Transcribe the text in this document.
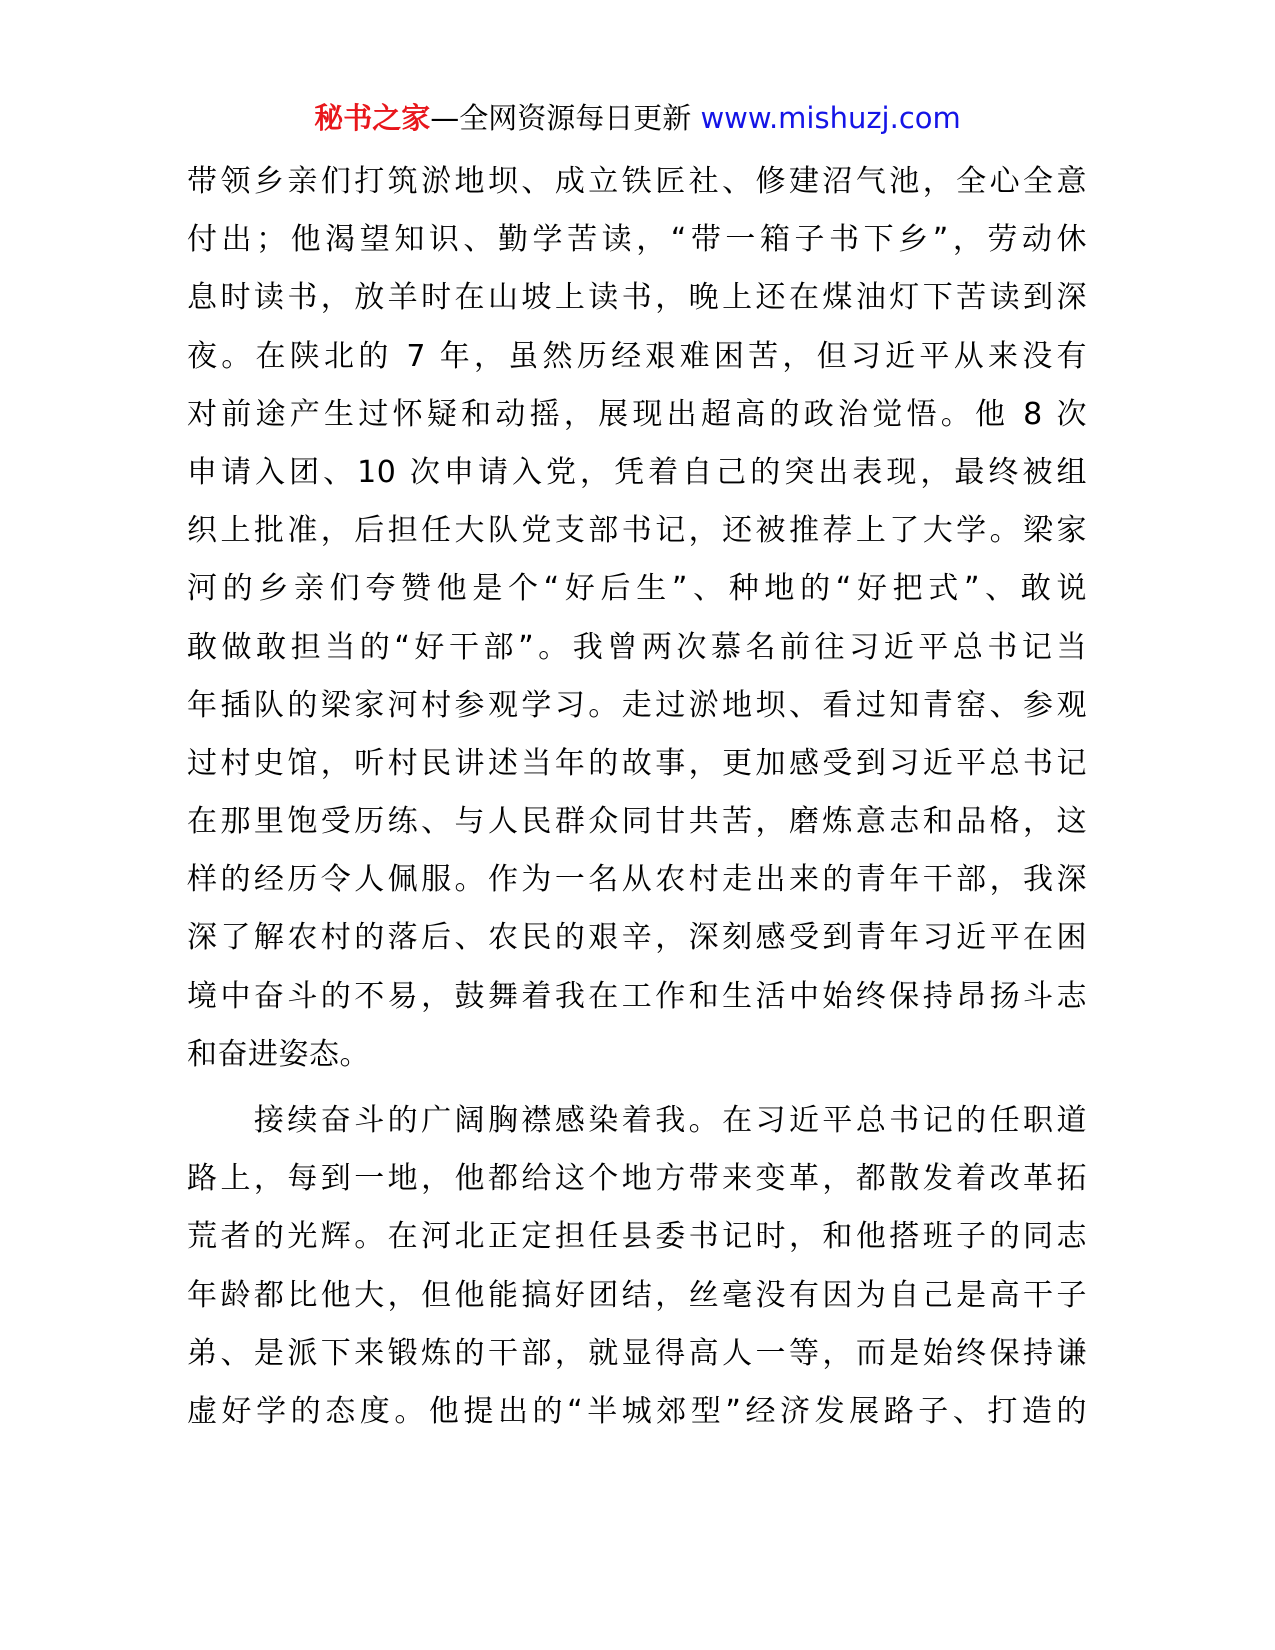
秘书之家—全网资源每日更新 www.mishuzj.com
带领乡亲们打筑淤地坝、成立铁匠社、修建沼气池，全心全意
付出；他渴望知识、勤学苦读，“带一箱子书下乡”，劳动休
息时读书，放羊时在山坡上读书，晚上还在煤油灯下苦读到深
夜。在陕北的 7 年，虽然历经艰难困苦，但习近平从来没有
对前途产生过怀疑和动摇，展现出超高的政治觉悟。他 8 次
申请入团、10 次申请入党，凭着自己的突出表现，最终被组
织上批准，后担任大队党支部书记，还被推荐上了大学。梁家
河的乡亲们夸赞他是个“好后生”、种地的“好把式”、敢说
敢做敢担当的“好干部”。我曾两次慕名前往习近平总书记当
年插队的梁家河村参观学习。走过淤地坝、看过知青窑、参观
过村史馆，听村民讲述当年的故事，更加感受到习近平总书记
在那里饱受历练、与人民群众同甘共苦，磨炼意志和品格，这
样的经历令人佩服。作为一名从农村走出来的青年干部，我深
深了解农村的落后、农民的艰辛，深刻感受到青年习近平在困
境中奋斗的不易，鼓舞着我在工作和生活中始终保持昂扬斗志
和奋进姿态。
　　接续奋斗的广阔胸襟感染着我。在习近平总书记的任职道
路上，每到一地，他都给这个地方带来变革，都散发着改革拓
荒者的光辉。在河北正定担任县委书记时，和他搭班子的同志
年龄都比他大，但他能搞好团结，丝毫没有因为自己是高干子
弟、是派下来锻炼的干部，就显得高人一等，而是始终保持谦
虚好学的态度。他提出的“半城郊型”经济发展路子、打造的
